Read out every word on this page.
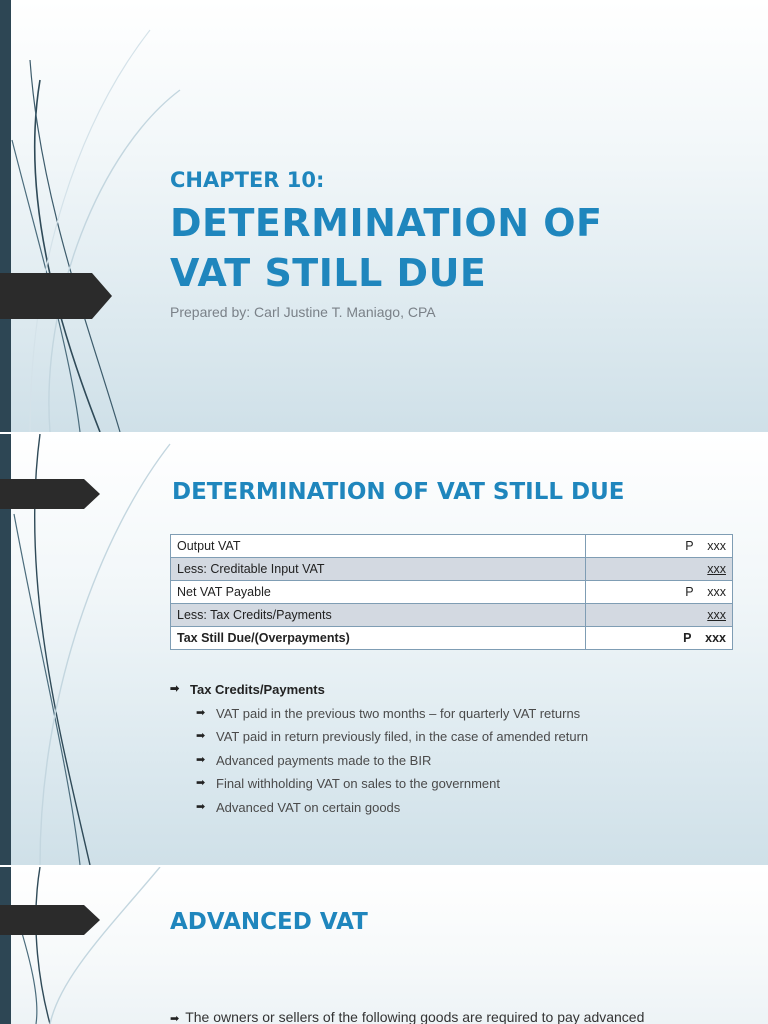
CHAPTER 10:
DETERMINATION OF
VAT STILL DUE
Prepared by: Carl Justine T. Maniago, CPA
DETERMINATION OF VAT STILL DUE
Output VAT	P xxx
Less: Creditable Input VAT	xxx
Net VAT Payable	P xxx
Less: Tax Credits/Payments	xxx
Tax Still Due/(Overpayments)	P xxx
➡ Tax Credits/Payments
➡ VAT paid in the previous two months – for quarterly VAT returns
➡ VAT paid in return previously filed, in the case of amended return
➡ Advanced payments made to the BIR
➡ Final withholding VAT on sales to the government
➡ Advanced VAT on certain goods
ADVANCED VAT
➡ The owners or sellers of the following goods are required to pay advanced
